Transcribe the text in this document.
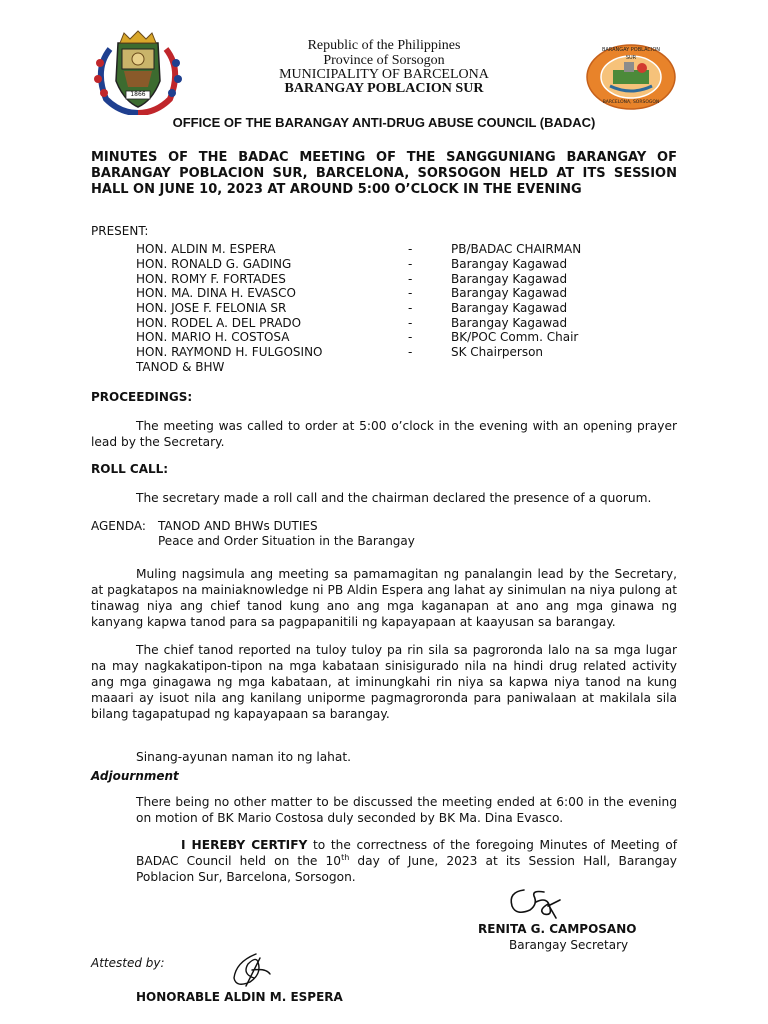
1866
BARANGAY POBLACION SUR
BARCELONA, SORSOGON
Republic of the Philippines
Province of Sorsogon
MUNICIPALITY OF BARCELONA
BARANGAY POBLACION SUR
OFFICE OF THE BARANGAY ANTI-DRUG ABUSE COUNCIL (BADAC)
MINUTES OF THE BADAC MEETING OF THE SANGGUNIANG BARANGAY OF BARANGAY POBLACION SUR, BARCELONA, SORSOGON HELD AT ITS SESSION HALL ON JUNE 10, 2023 AT AROUND 5:00 O’CLOCK IN THE EVENING
PRESENT:
HON. ALDIN M. ESPERA	-	PB/BADAC CHAIRMAN
HON. RONALD G. GADING	-	Barangay Kagawad
HON. ROMY F. FORTADES	-	Barangay Kagawad
HON. MA. DINA H. EVASCO	-	Barangay Kagawad
HON. JOSE F. FELONIA SR	-	Barangay Kagawad
HON. RODEL A. DEL PRADO	-	Barangay Kagawad
HON. MARIO H. COSTOSA	-	BK/POC Comm. Chair
HON. RAYMOND H. FULGOSINO	-	SK Chairperson
TANOD & BHW
PROCEEDINGS:
The meeting was called to order at 5:00 o’clock in the evening with an opening prayer lead by the Secretary.
ROLL CALL:
The secretary made a roll call and the chairman declared the presence of a quorum.
AGENDA: TANOD AND BHWs DUTIES
Peace and Order Situation in the Barangay
Muling nagsimula ang meeting sa pamamagitan ng panalangin lead by the Secretary, at pagkatapos na mainiaknowledge ni PB Aldin Espera ang lahat ay sinimulan na niya pulong at tinawag niya ang chief tanod kung ano ang mga kaganapan at ano ang mga ginawa ng kanyang kapwa tanod para sa pagpapanitili ng kapayapaan at kaayusan sa barangay.
The chief tanod reported na tuloy tuloy pa rin sila sa pagroronda lalo na sa mga lugar na may nagkakatipon-tipon na mga kabataan sinisigurado nila na hindi drug related activity ang mga ginagawa ng mga kabataan, at iminungkahi rin niya sa kapwa niya tanod na kung maaari ay isuot nila ang kanilang uniporme pagmagroronda para paniwalaan at makilala sila bilang tagapatupad ng kapayapaan sa barangay.
Sinang-ayunan naman ito ng lahat.
Adjournment
There being no other matter to be discussed the meeting ended at 6:00 in the evening on motion of BK Mario Costosa duly seconded by BK Ma. Dina Evasco.
I HEREBY CERTIFY to the correctness of the foregoing Minutes of Meeting of BADAC Council held on the 10th day of June, 2023 at its Session Hall, Barangay Poblacion Sur, Barcelona, Sorsogon.
RENITA G. CAMPOSANO
Barangay Secretary
Attested by:
HONORABLE ALDIN M. ESPERA
